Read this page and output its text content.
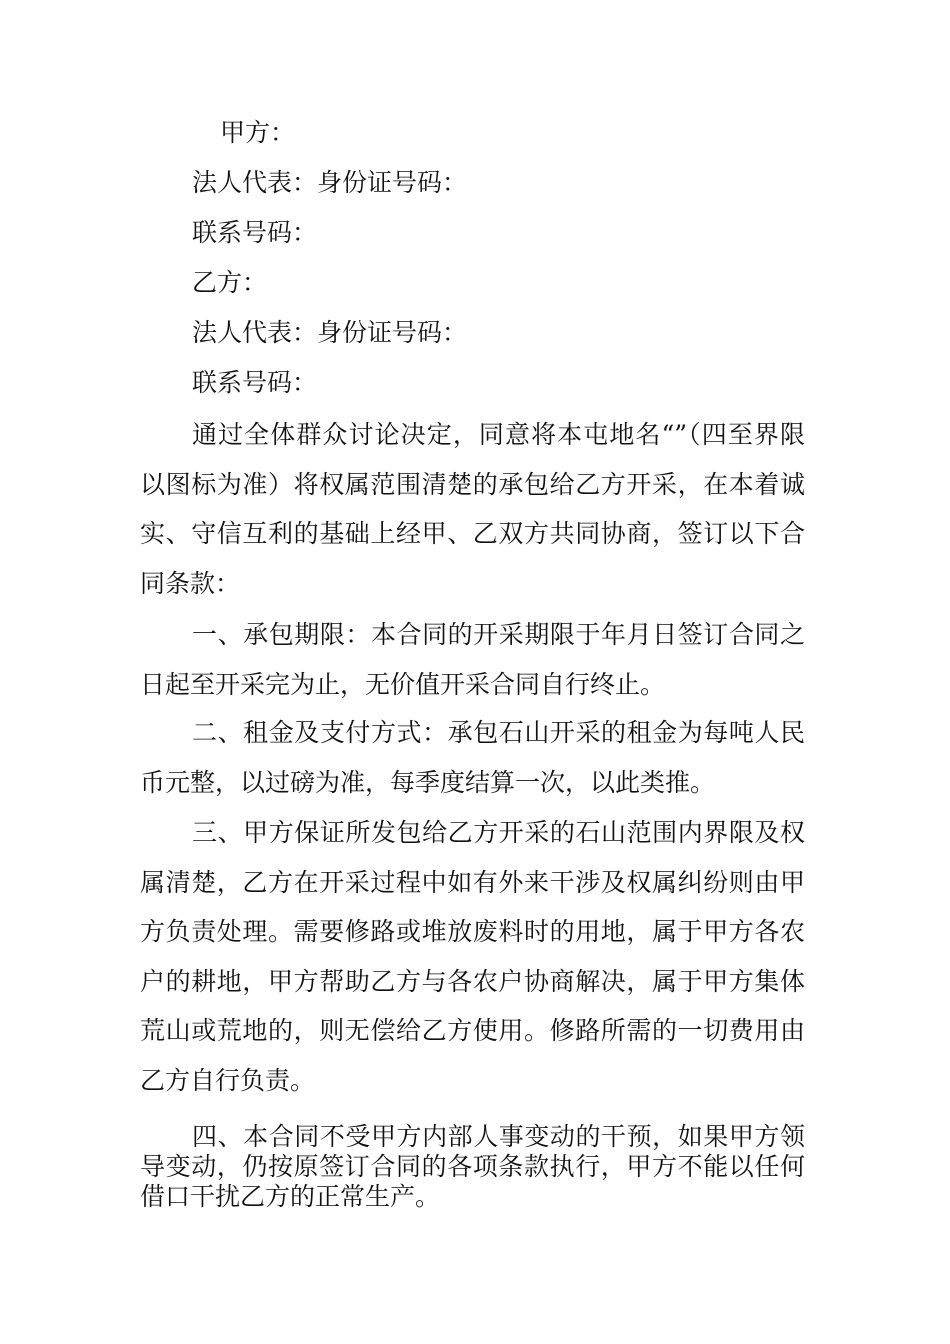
甲方：
法人代表：身份证号码：
联系号码：
乙方：
法人代表：身份证号码：
联系号码：
通过全体群众讨论决定，同意将本屯地名“”（四至界限以图标为准）将权属范围清楚的承包给乙方开采，在本着诚实、守信互利的基础上经甲、乙双方共同协商，签订以下合同条款：
一、承包期限：本合同的开采期限于年月日签订合同之日起至开采完为止，无价值开采合同自行终止。
二、租金及支付方式：承包石山开采的租金为每吨人民币元整，以过磅为准，每季度结算一次，以此类推。
三、甲方保证所发包给乙方开采的石山范围内界限及权属清楚，乙方在开采过程中如有外来干涉及权属纠纷则由甲方负责处理。需要修路或堆放废料时的用地，属于甲方各农户的耕地，甲方帮助乙方与各农户协商解决，属于甲方集体荒山或荒地的，则无偿给乙方使用。修路所需的一切费用由乙方自行负责。
四、本合同不受甲方内部人事变动的干预，如果甲方领导变动，仍按原签订合同的各项条款执行，甲方不能以任何借口干扰乙方的正常生产。
